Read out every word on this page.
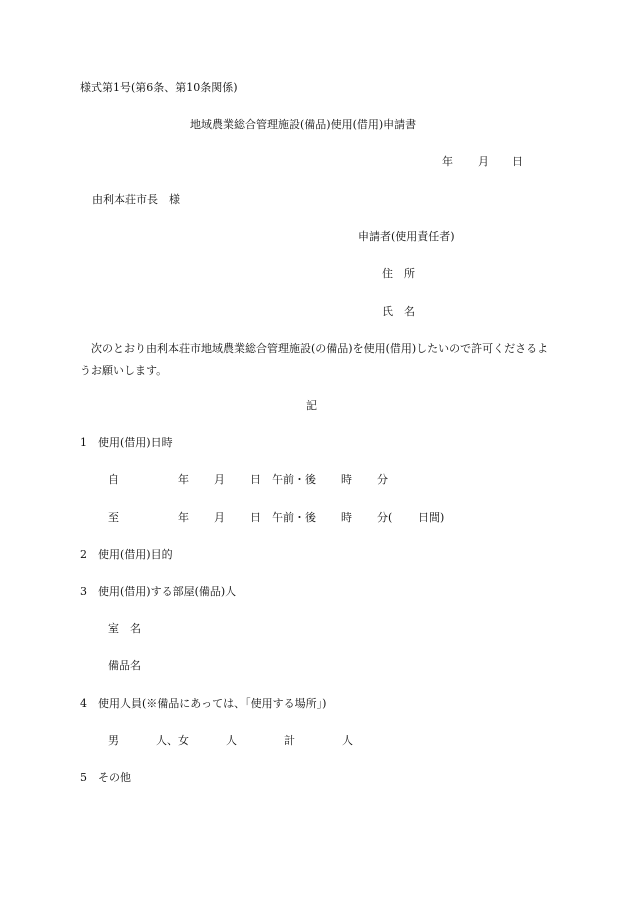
様式第1号(第6条、第10条関係)
地域農業総合管理施設(備品)使用(借用)申請書
年 月 日
由利本荘市長　様
申請者(使用責任者)
住　所
氏　名
次のとおり由利本荘市地域農業総合管理施設(の備品)を使用(借用)したいので許可くださるようお願いします。
記
1　使用(借用)日時
自	年 月 日 午前・後 時 分
至	年 月 日 午前・後 時 分( 日間)
2　使用(借用)目的
3　使用(借用)する部屋(備品)人
室　名
備品名
4　使用人員(※備品にあっては、「使用する場所」)
男	人、女	人	計	人
5　その他
